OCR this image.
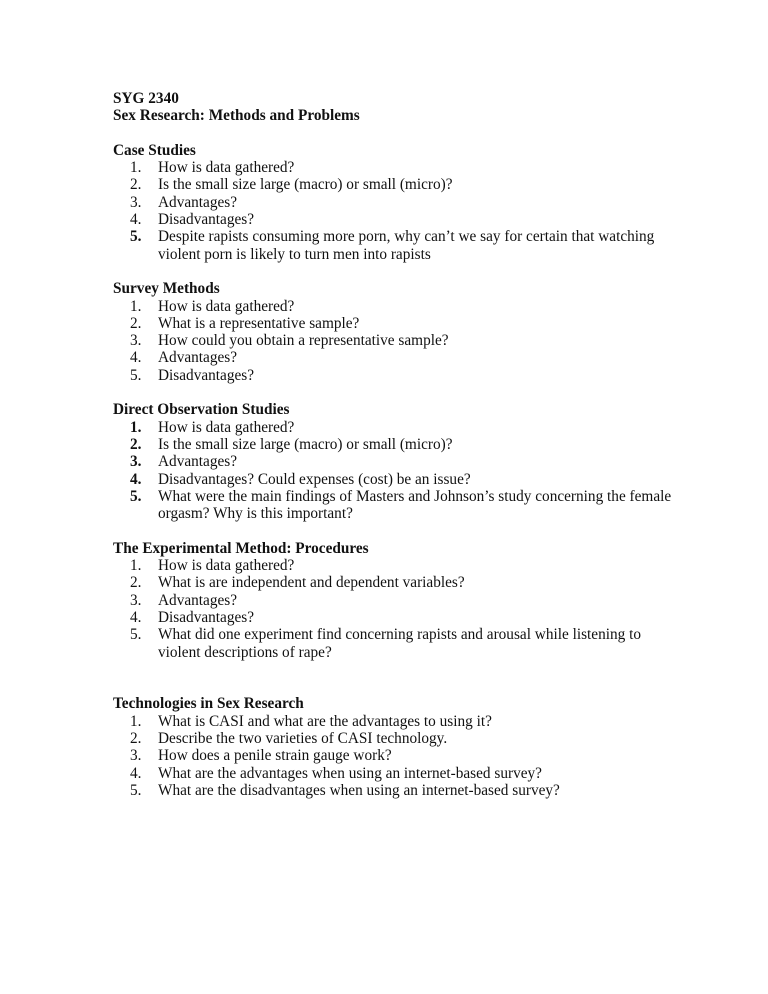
SYG 2340
Sex Research: Methods and Problems
Case Studies
1.	How is data gathered?
2.	Is the small size large (macro) or small (micro)?
3.	Advantages?
4.	Disadvantages?
5.	Despite rapists consuming more porn, why can’t we say for certain that watching violent porn is likely to turn men into rapists
Survey Methods
1.	How is data gathered?
2.	What is a representative sample?
3.	How could you obtain a representative sample?
4.	Advantages?
5.	Disadvantages?
Direct Observation Studies
1.	How is data gathered?
2.	Is the small size large (macro) or small (micro)?
3.	Advantages?
4.	Disadvantages? Could expenses (cost) be an issue?
5.	What were the main findings of Masters and Johnson’s study concerning the female orgasm? Why is this important?
The Experimental Method: Procedures
1.	How is data gathered?
2.	What is are independent and dependent variables?
3.	Advantages?
4.	Disadvantages?
5.	What did one experiment find concerning rapists and arousal while listening to violent descriptions of rape?
Technologies in Sex Research
1.	What is CASI and what are the advantages to using it?
2.	Describe the two varieties of CASI technology.
3.	How does a penile strain gauge work?
4.	What are the advantages when using an internet-based survey?
5.	What are the disadvantages when using an internet-based survey?
